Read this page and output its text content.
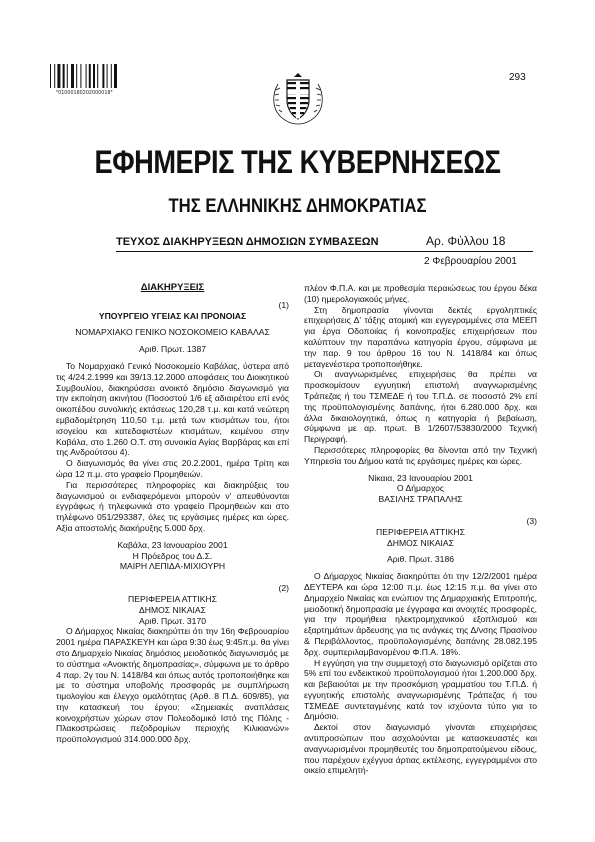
*01000180202000018*
293
ΕΦΗΜΕΡΙΣ ΤΗΣ ΚΥΒΕΡΝΗΣΕΩΣ
ΤΗΣ ΕΛΛΗΝΙΚΗΣ ΔΗΜΟΚΡΑΤΙΑΣ
ΤΕΥΧΟΣ ΔΙΑΚΗΡΥΞΕΩΝ ΔΗΜΟΣΙΩΝ ΣΥΜΒΑΣΕΩΝ	Αρ. Φύλλου 18
2 Φεβρουαρίου 2001

ΔΙΑΚΗΡΥΞΕΙΣ

(1)

ΥΠΟΥΡΓΕΙΟ ΥΓΕΙΑΣ ΚΑΙ ΠΡΟΝΟΙΑΣ

ΝΟΜΑΡΧΙΑΚΟ ΓΕΝΙΚΟ ΝΟΣΟΚΟΜΕΙΟ ΚΑΒΑΛΑΣ

Αριθ. Πρωτ. 1387

Το Νομαρχιακό Γενικό Νοσοκομείο Καβάλας, ύστερα από τις 4/24.2.1999 και 39/13.12.2000 αποφάσεις του Διοικητικού Συμβουλίου, διακηρύσσει ανοικτό δημόσιο διαγωνισμό για την εκποίηση ακινήτου (Ποσοστού 1/6 εξ αδιαιρέτου επί ενός οικοπέδου συνολικής εκτάσεως 120,28 τ.μ. και κατά νεώτερη εμβαδομέτρηση 110,50 τ.μ. μετά των κτισμάτων του, ήτοι ισογείου και κατεδαφιστέων κτισμάτων, κειμένου στην Καβάλα, στο 1.260 Ο.Τ. στη συνοικία Αγίας Βαρβάρας και επί της Ανδρούτσου 4).

Ο διαγωνισμός θα γίνει στις 20.2.2001, ημέρα Τρίτη και ώρα 12 π.μ. στο γραφείο Προμηθειών.

Για περισσότερες πληροφορίες και διακηρύξεις του διαγωνισμού οι ενδιαφερόμενοι μπορούν ν' απευθύνονται εγγράφως ή τηλεφωνικά στο γραφείο Προμηθειών και στο τηλέφωνο 051/293387, όλες τις εργάσιμες ημέρες και ώρες. Αξία αποστολής διακήρυξης 5.000 δρχ.

Καβάλα, 23 Ιανουαρίου 2001

Η Πρόεδρος του Δ.Σ.

ΜΑΙΡΗ ΛΕΠΙΔΑ-ΜΙΧΙΟΥΡΗ

(2)

ΠΕΡΙΦΕΡΕΙΑ ΑΤΤΙΚΗΣ

ΔΗΜΟΣ ΝΙΚΑΙΑΣ

Αριθ. Πρωτ. 3170

Ο Δήμαρχος Νικαίας διακηρύττει ότι την 16η Φεβρουαρίου 2001 ημέρα ΠΑΡΑΣΚΕΥΗ και ώρα 9:30 έως 9:45π.μ. θα γίνει στο Δημαρχείο Νικαίας δημόσιος μειοδοτικός διαγωνισμός με το σύστημα «Ανοικτής δημοπρασίας», σύμφωνα με το άρθρο 4 παρ. 2γ του Ν. 1418/84 και όπως αυτός τροποποιήθηκε και με το σύστημα υποβολής προσφοράς με συμπλήρωση τιμολογίου και έλεγχο ομαλότητας (Αρθ. 8 Π.Δ. 609/85), για την κατασκευή του έργου: «Σημειακές αναπλάσεις κοινοχρήστων χώρων στον Πολεοδομικό Ιστό της Πόλης - Πλακοστρώσεις πεζοδρομίων περιοχής Κιλικιανών» προϋπολογισμού 314.000.000 δρχ.

πλέον Φ.Π.Α. και με προθεσμία περαιώσεως του έργου δέκα (10) ημερολογιακούς μήνες.

Στη δημοπρασία γίνονται δεκτές εργοληπτικές επιχειρήσεις Δ' τάξης ατομική και εγγεγραμμένες στα ΜΕΕΠ για έργα Οδοποιίας ή κοινοπραξίες επιχειρήσεων που καλύπτουν την παραπάνω κατηγορία έργου, σύμφωνα με την παρ. 9 του άρθρου 16 του Ν. 1418/84 και όπως μεταγενέστερα τροποποιήθηκε.

Οι αναγνωρισμένες επιχειρήσεις θα πρέπει να προσκομίσουν εγγυητική επιστολή αναγνωρισμένης Τράπεζας ή του ΤΣΜΕΔΕ ή του Τ.Π.Δ. σε ποσοστό 2% επί της προϋπολογισμένης δαπάνης, ήτοι 6.280.000 δρχ. και άλλα δικαιολογητικά, όπως η κατηγορία ή βεβαίωση, σύμφωνα με αρ. πρωτ. Β 1/2607/53830/2000 Τεχνική Περιγραφή.

Περισσότερες πληροφορίες θα δίνονται από την Τεχνική Υπηρεσία του Δήμου κατά τις εργάσιμες ημέρες και ώρες.

Νίκαια, 23 Ιανουαρίου 2001

Ο Δήμαρχος

ΒΑΣΙΛΗΣ ΤΡΑΠΑΛΗΣ

(3)

ΠΕΡΙΦΕΡΕΙΑ ΑΤΤΙΚΗΣ

ΔΗΜΟΣ ΝΙΚΑΙΑΣ

Αριθ. Πρωτ. 3186

Ο Δήμαρχος Νικαίας διακηρύττει ότι την 12/2/2001 ημέρα ΔΕΥΤΕΡΑ και ώρα 12:00 π.μ. έως 12:15 π.μ. θα γίνει στο Δημαρχείο Νικαίας και ενώπιον της Δημαρχιακής Επιτροπής, μειοδοτική δημοπρασία με έγγραφα και ανοιχτές προσφορές, για την προμήθεια ηλεκτρομηχανικού εξοπλισμού και εξαρτημάτων άρδευσης για τις ανάγκες της Δ/νσης Πρασίνου & Περιβάλλοντος, προϋπολογισμένης δαπάνης 28.082.195 δρχ. συμπεριλαμβανομένου Φ.Π.Α. 18%.

Η εγγύηση για την συμμετοχή στο διαγωνισμό ορίζεται στο 5% επί του ενδεικτικού προϋπολογισμού ήτοι 1.200.000 δρχ. και βεβαιούται με την προσκόμιση γραμματίου του Τ.Π.Δ. ή εγγυητικής επιστολής αναγνωρισμένης Τράπεζας ή του ΤΣΜΕΔΕ συντεταγμένης κατά τον ισχύοντα τύπο για το Δημόσιο.

Δεκτοί στον διαγωνισμό γίνονται επιχειρήσεις αντιπροσώπων που ασχολούνται με κατασκευαστές και αναγνωρισμένοι προμηθευτές του δημοπρατούμενου είδους, που παρέχουν εχέγγυα άρτιας εκτέλεσης, εγγεγραμμένοι στο οικείο επιμελητή-
